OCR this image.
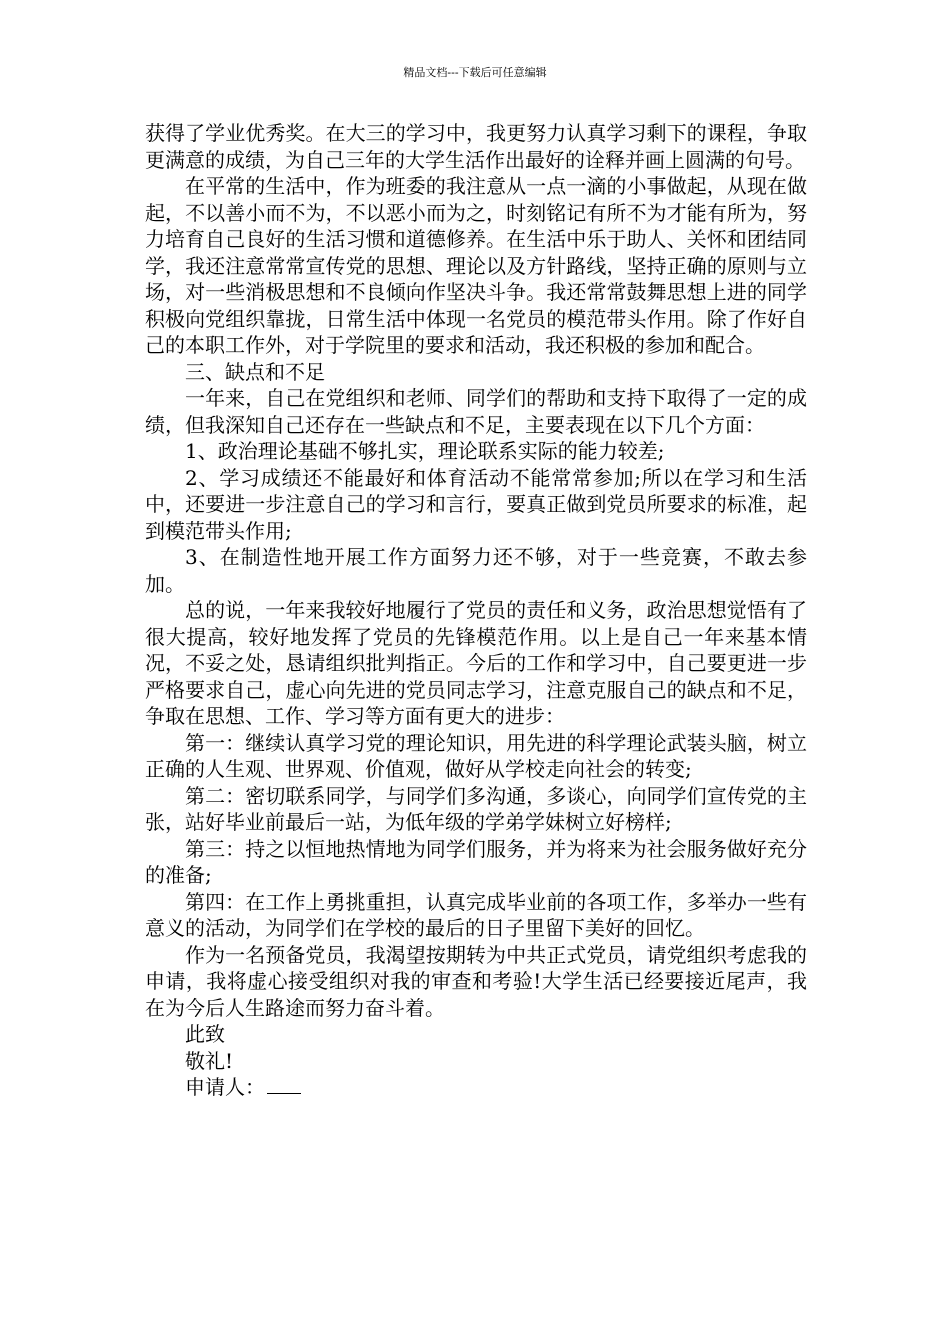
精品文档---下载后可任意编辑

获得了学业优秀奖。在大三的学习中，我更努力认真学习剩下的课程，争取更满意的成绩，为自己三年的大学生活作出最好的诠释并画上圆满的句号。

在平常的生活中，作为班委的我注意从一点一滴的小事做起，从现在做起，不以善小而不为，不以恶小而为之，时刻铭记有所不为才能有所为，努力培育自己良好的生活习惯和道德修养。在生活中乐于助人、关怀和团结同学，我还注意常常宣传党的思想、理论以及方针路线，坚持正确的原则与立场，对一些消极思想和不良倾向作坚决斗争。我还常常鼓舞思想上进的同学积极向党组织靠拢，日常生活中体现一名党员的模范带头作用。除了作好自己的本职工作外，对于学院里的要求和活动，我还积极的参加和配合。

三、缺点和不足

一年来，自己在党组织和老师、同学们的帮助和支持下取得了一定的成绩，但我深知自己还存在一些缺点和不足，主要表现在以下几个方面：

1、政治理论基础不够扎实，理论联系实际的能力较差;

2、学习成绩还不能最好和体育活动不能常常参加;所以在学习和生活中，还要进一步注意自己的学习和言行，要真正做到党员所要求的标准，起到模范带头作用;

3、在制造性地开展工作方面努力还不够，对于一些竞赛，不敢去参加。

总的说，一年来我较好地履行了党员的责任和义务，政治思想觉悟有了很大提高，较好地发挥了党员的先锋模范作用。以上是自己一年来基本情况，不妥之处，恳请组织批判指正。今后的工作和学习中，自己要更进一步严格要求自己，虚心向先进的党员同志学习，注意克服自己的缺点和不足，争取在思想、工作、学习等方面有更大的进步：

第一：继续认真学习党的理论知识，用先进的科学理论武装头脑，树立正确的人生观、世界观、价值观，做好从学校走向社会的转变;

第二：密切联系同学，与同学们多沟通，多谈心，向同学们宣传党的主张，站好毕业前最后一站，为低年级的学弟学妹树立好榜样;

第三：持之以恒地热情地为同学们服务，并为将来为社会服务做好充分的准备;

第四：在工作上勇挑重担，认真完成毕业前的各项工作，多举办一些有意义的活动，为同学们在学校的最后的日子里留下美好的回忆。

作为一名预备党员，我渴望按期转为中共正式党员，请党组织考虑我的申请，我将虚心接受组织对我的审查和考验!大学生活已经要接近尾声，我在为今后人生路途而努力奋斗着。

此致

敬礼!

申请人：
